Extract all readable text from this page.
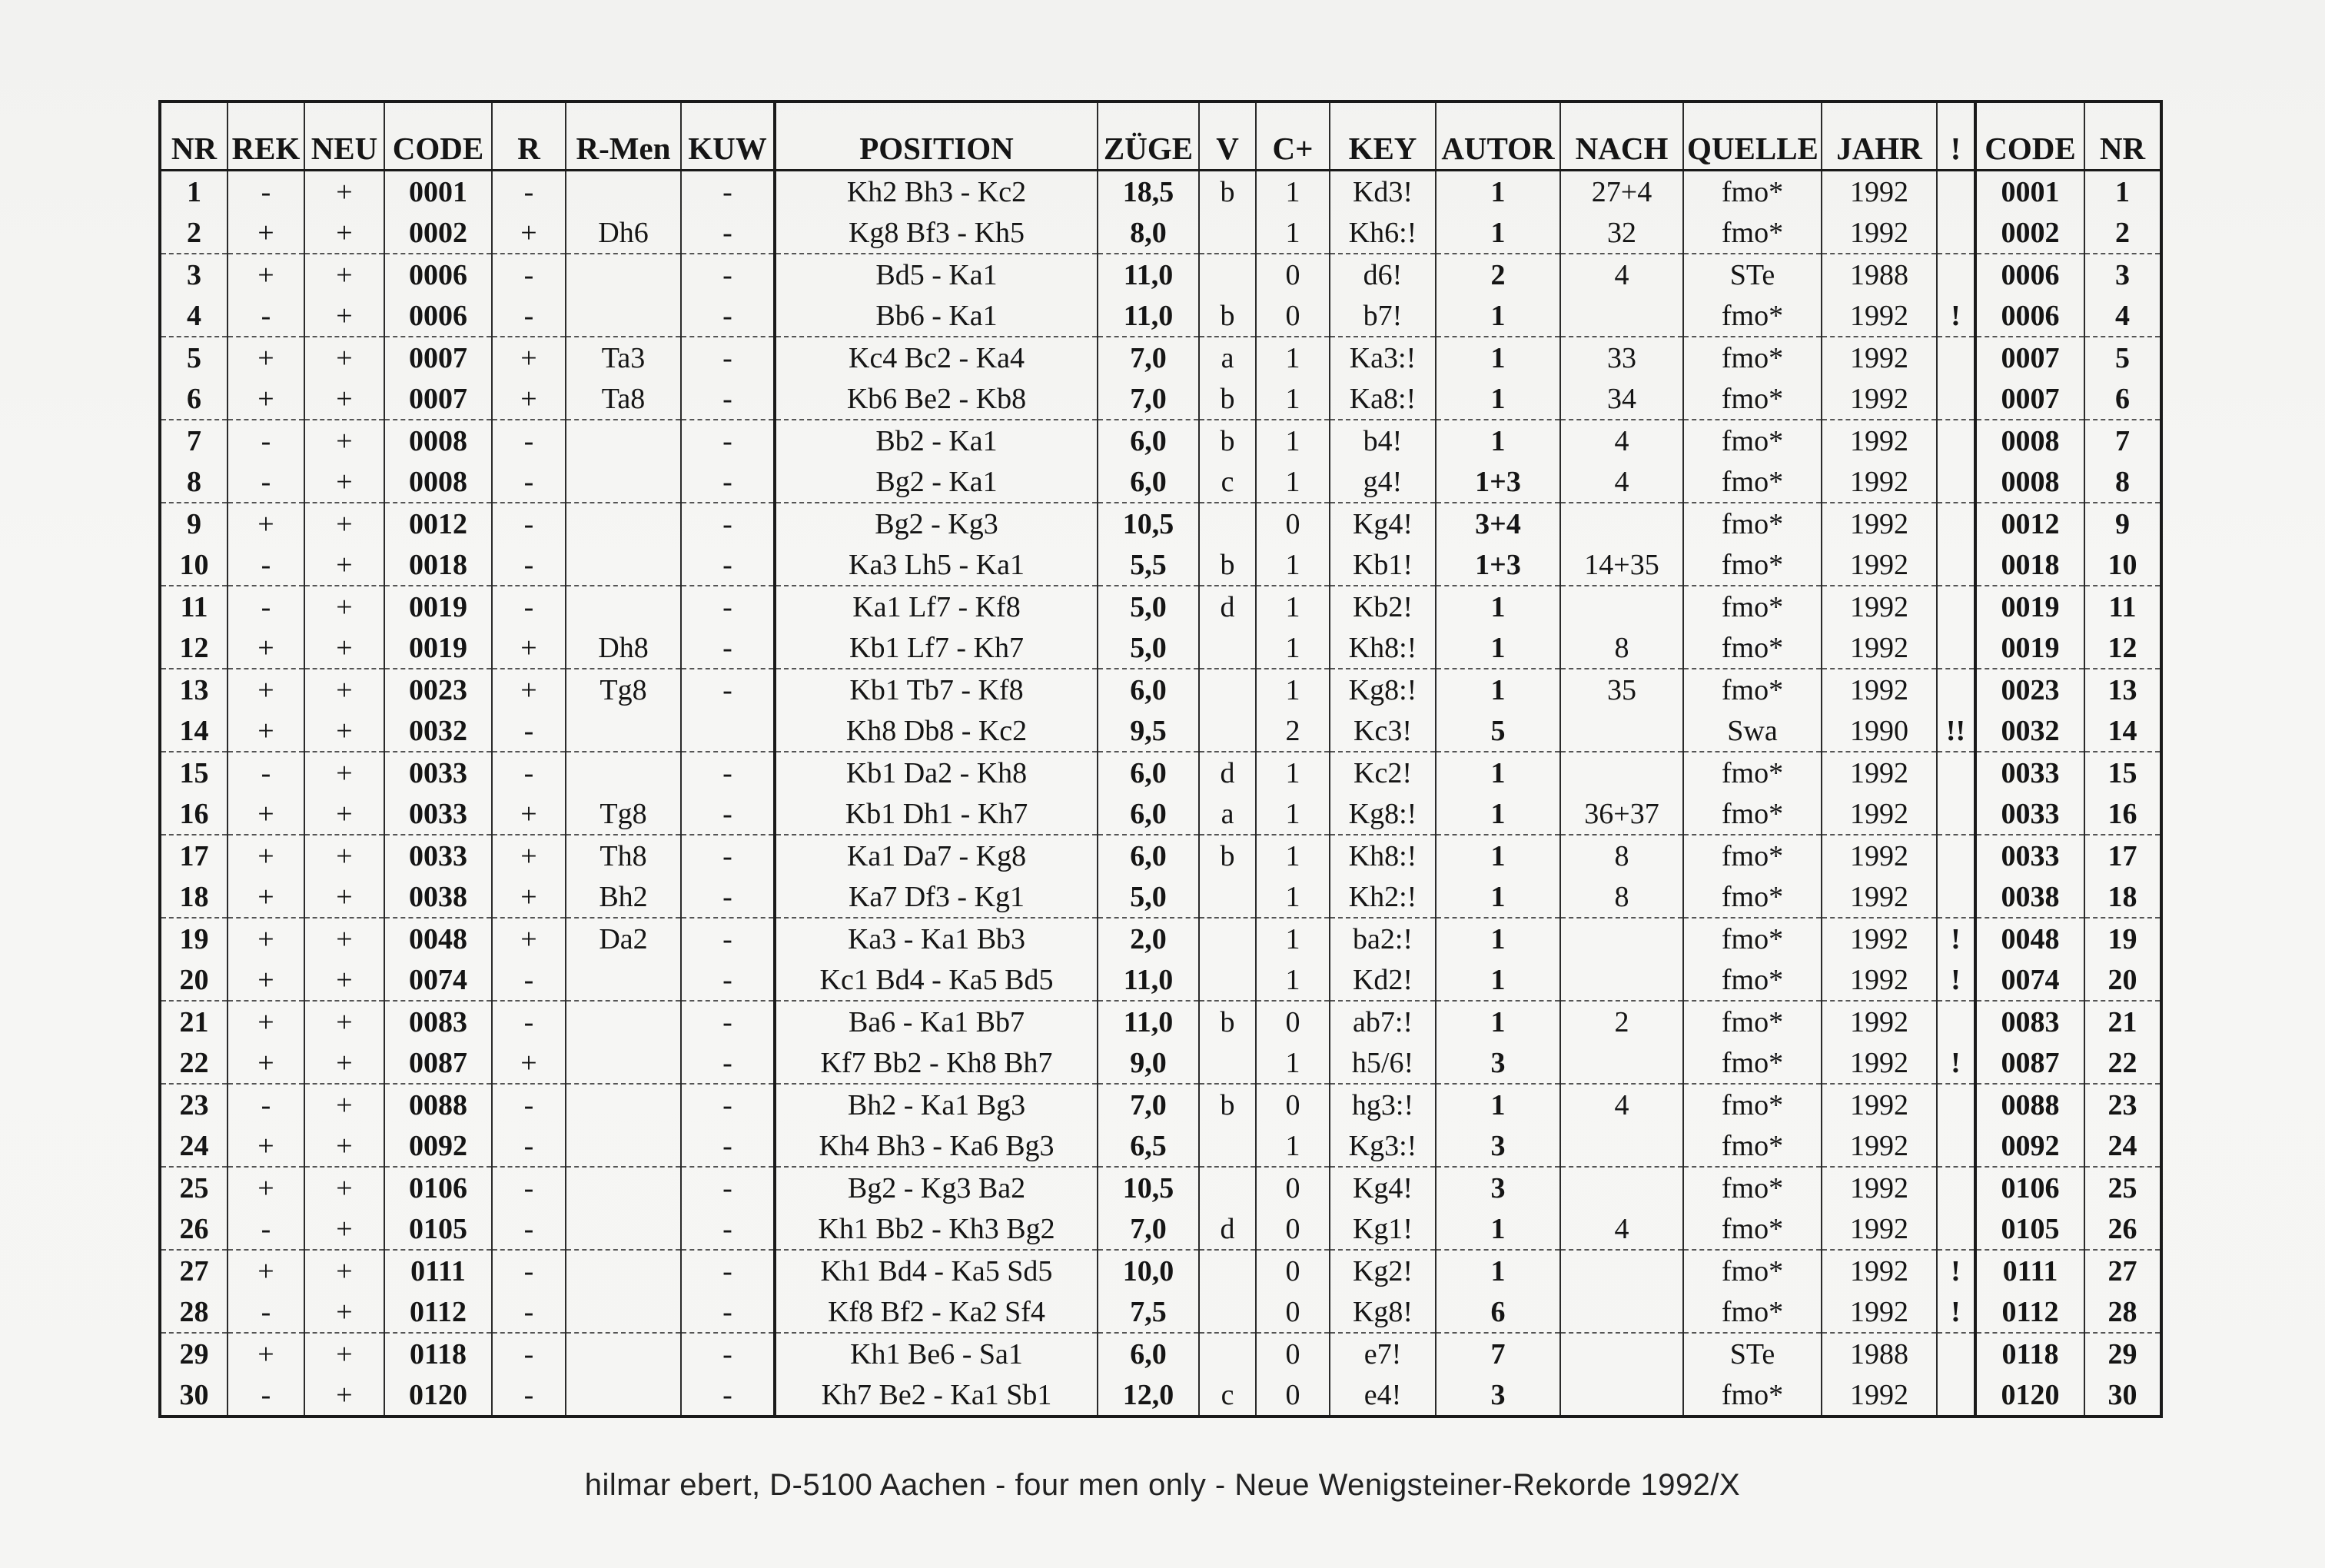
NR	REK	NEU	CODE	R	R-Men	KUW	POSITION	ZÜGE	V	C+	KEY	AUTOR	NACH	QUELLE	JAHR	!	CODE	NR
1	-	+	0001	-		-	Kh2 Bh3 - Kc2	18,5	b	1	Kd3!	1	27+4	fmo*	1992		0001	1
2	+	+	0002	+	Dh6	-	Kg8 Bf3 - Kh5	8,0		1	Kh6:!	1	32	fmo*	1992		0002	2
3	+	+	0006	-		-	Bd5 - Ka1	11,0		0	d6!	2	4	STe	1988		0006	3
4	-	+	0006	-		-	Bb6 - Ka1	11,0	b	0	b7!	1		fmo*	1992	!	0006	4
5	+	+	0007	+	Ta3	-	Kc4 Bc2 - Ka4	7,0	a	1	Ka3:!	1	33	fmo*	1992		0007	5
6	+	+	0007	+	Ta8	-	Kb6 Be2 - Kb8	7,0	b	1	Ka8:!	1	34	fmo*	1992		0007	6
7	-	+	0008	-		-	Bb2 - Ka1	6,0	b	1	b4!	1	4	fmo*	1992		0008	7
8	-	+	0008	-		-	Bg2 - Ka1	6,0	c	1	g4!	1+3	4	fmo*	1992		0008	8
9	+	+	0012	-		-	Bg2 - Kg3	10,5		0	Kg4!	3+4		fmo*	1992		0012	9
10	-	+	0018	-		-	Ka3 Lh5 - Ka1	5,5	b	1	Kb1!	1+3	14+35	fmo*	1992		0018	10
11	-	+	0019	-		-	Ka1 Lf7 - Kf8	5,0	d	1	Kb2!	1		fmo*	1992		0019	11
12	+	+	0019	+	Dh8	-	Kb1 Lf7 - Kh7	5,0		1	Kh8:!	1	8	fmo*	1992		0019	12
13	+	+	0023	+	Tg8	-	Kb1 Tb7 - Kf8	6,0		1	Kg8:!	1	35	fmo*	1992		0023	13
14	+	+	0032	-			Kh8 Db8 - Kc2	9,5		2	Kc3!	5		Swa	1990	!!	0032	14
15	-	+	0033	-		-	Kb1 Da2 - Kh8	6,0	d	1	Kc2!	1		fmo*	1992		0033	15
16	+	+	0033	+	Tg8	-	Kb1 Dh1 - Kh7	6,0	a	1	Kg8:!	1	36+37	fmo*	1992		0033	16
17	+	+	0033	+	Th8	-	Ka1 Da7 - Kg8	6,0	b	1	Kh8:!	1	8	fmo*	1992		0033	17
18	+	+	0038	+	Bh2	-	Ka7 Df3 - Kg1	5,0		1	Kh2:!	1	8	fmo*	1992		0038	18
19	+	+	0048	+	Da2	-	Ka3 - Ka1 Bb3	2,0		1	ba2:!	1		fmo*	1992	!	0048	19
20	+	+	0074	-		-	Kc1 Bd4 - Ka5 Bd5	11,0		1	Kd2!	1		fmo*	1992	!	0074	20
21	+	+	0083	-		-	Ba6 - Ka1 Bb7	11,0	b	0	ab7:!	1	2	fmo*	1992		0083	21
22	+	+	0087	+		-	Kf7 Bb2 - Kh8 Bh7	9,0		1	h5/6!	3		fmo*	1992	!	0087	22
23	-	+	0088	-		-	Bh2 - Ka1 Bg3	7,0	b	0	hg3:!	1	4	fmo*	1992		0088	23
24	+	+	0092	-		-	Kh4 Bh3 - Ka6 Bg3	6,5		1	Kg3:!	3		fmo*	1992		0092	24
25	+	+	0106	-		-	Bg2 - Kg3 Ba2	10,5		0	Kg4!	3		fmo*	1992		0106	25
26	-	+	0105	-		-	Kh1 Bb2 - Kh3 Bg2	7,0	d	0	Kg1!	1	4	fmo*	1992		0105	26
27	+	+	0111	-		-	Kh1 Bd4 - Ka5 Sd5	10,0		0	Kg2!	1		fmo*	1992	!	0111	27
28	-	+	0112	-		-	Kf8 Bf2 - Ka2 Sf4	7,5		0	Kg8!	6		fmo*	1992	!	0112	28
29	+	+	0118	-		-	Kh1 Be6 - Sa1	6,0		0	e7!	7		STe	1988		0118	29
30	-	+	0120	-		-	Kh7 Be2 - Ka1 Sb1	12,0	c	0	e4!	3		fmo*	1992		0120	30
hilmar ebert, D-5100 Aachen - four men only - Neue Wenigsteiner-Rekorde 1992/X
